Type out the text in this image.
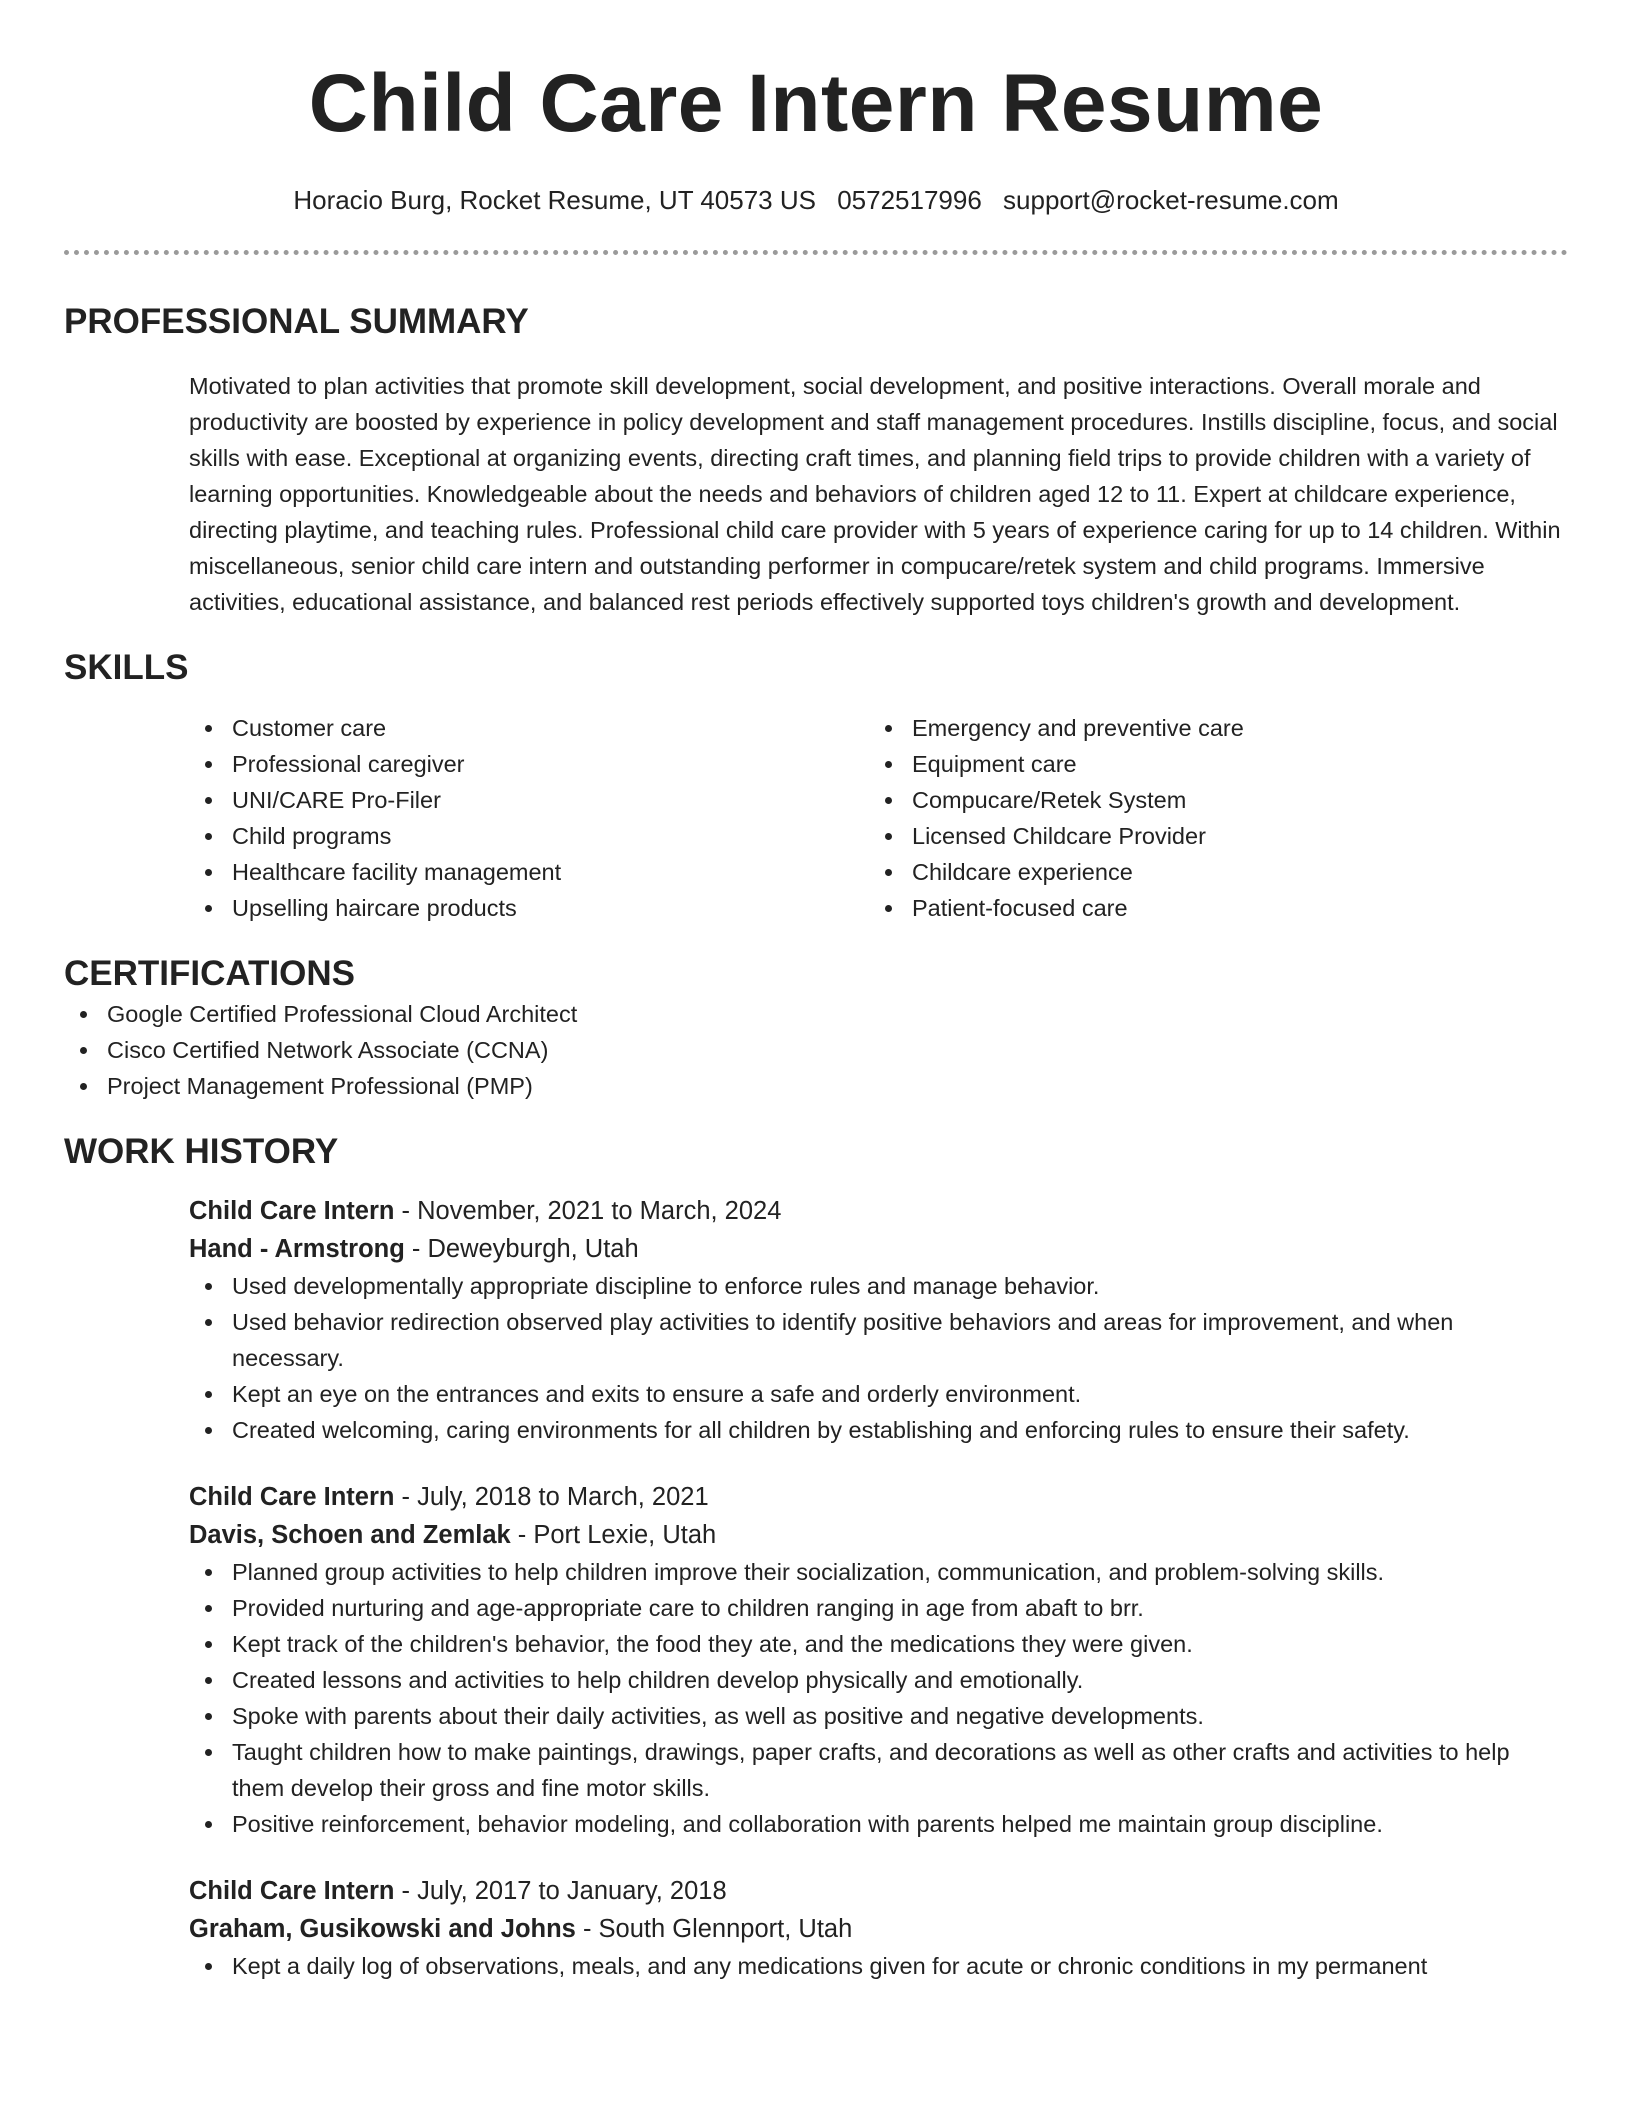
Child Care Intern Resume
Horacio Burg, Rocket Resume, UT 40573 US 0572517996 support@rocket-resume.com
PROFESSIONAL SUMMARY

Motivated to plan activities that promote skill development, social development, and positive interactions. Overall morale and productivity are boosted by experience in policy development and staff management procedures. Instills discipline, focus, and social skills with ease. Exceptional at organizing events, directing craft times, and planning field trips to provide children with a variety of learning opportunities. Knowledgeable about the needs and behaviors of children aged 12 to 11. Expert at childcare experience, directing playtime, and teaching rules. Professional child care provider with 5 years of experience caring for up to 14 children. Within miscellaneous, senior child care intern and outstanding performer in compucare/retek system and child programs. Immersive activities, educational assistance, and balanced rest periods effectively supported toys children's growth and development.

SKILLS
Customer care
Professional caregiver
UNI/CARE Pro-Filer
Child programs
Healthcare facility management
Upselling haircare products
Emergency and preventive care
Equipment care
Compucare/Retek System
Licensed Childcare Provider
Childcare experience
Patient-focused care
CERTIFICATIONS
Google Certified Professional Cloud Architect
Cisco Certified Network Associate (CCNA)
Project Management Professional (PMP)
WORK HISTORY
Child Care Intern - November, 2021 to March, 2024
Hand - Armstrong - Deweyburgh, Utah
Used developmentally appropriate discipline to enforce rules and manage behavior.
Used behavior redirection observed play activities to identify positive behaviors and areas for improvement, and when necessary.
Kept an eye on the entrances and exits to ensure a safe and orderly environment.
Created welcoming, caring environments for all children by establishing and enforcing rules to ensure their safety.
Child Care Intern - July, 2018 to March, 2021
Davis, Schoen and Zemlak - Port Lexie, Utah
Planned group activities to help children improve their socialization, communication, and problem-solving skills.
Provided nurturing and age-appropriate care to children ranging in age from abaft to brr.
Kept track of the children's behavior, the food they ate, and the medications they were given.
Created lessons and activities to help children develop physically and emotionally.
Spoke with parents about their daily activities, as well as positive and negative developments.
Taught children how to make paintings, drawings, paper crafts, and decorations as well as other crafts and activities to help them develop their gross and fine motor skills.
Positive reinforcement, behavior modeling, and collaboration with parents helped me maintain group discipline.
Child Care Intern - July, 2017 to January, 2018
Graham, Gusikowski and Johns - South Glennport, Utah
Kept a daily log of observations, meals, and any medications given for acute or chronic conditions in my permanent
